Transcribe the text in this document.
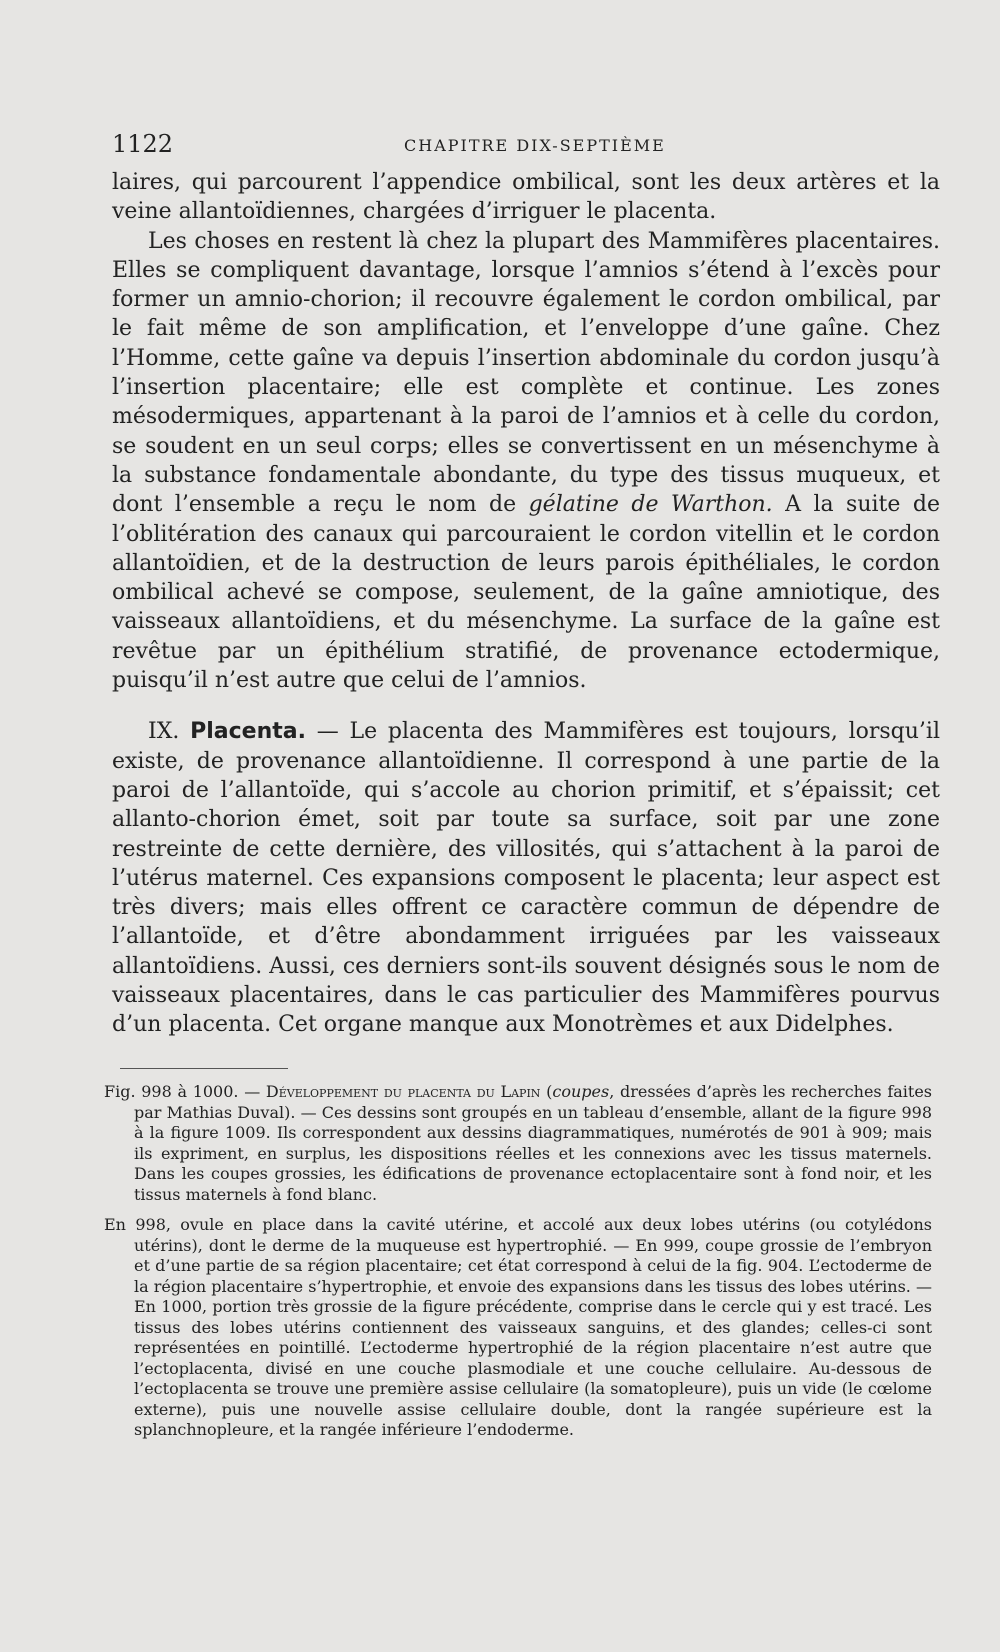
1122	CHAPITRE DIX-SEPTIÈME

laires, qui parcourent l’appendice ombilical, sont les deux artères et la veine allantoïdiennes, chargées d’irriguer le placenta.

Les choses en restent là chez la plupart des Mammifères placentaires. Elles se compliquent davantage, lorsque l’amnios s’étend à l’excès pour former un amnio-chorion; il recouvre également le cordon ombilical, par le fait même de son amplification, et l’enveloppe d’une gaîne. Chez l’Homme, cette gaîne va depuis l’insertion abdominale du cordon jusqu’à l’insertion placentaire; elle est complète et continue. Les zones mésodermiques, appartenant à la paroi de l’amnios et à celle du cordon, se soudent en un seul corps; elles se convertissent en un mésenchyme à la substance fondamentale abondante, du type des tissus muqueux, et dont l’ensemble a reçu le nom de gélatine de Warthon. A la suite de l’oblitération des canaux qui parcouraient le cordon vitellin et le cordon allantoïdien, et de la destruction de leurs parois épithéliales, le cordon ombilical achevé se compose, seulement, de la gaîne amniotique, des vaisseaux allantoïdiens, et du mésenchyme. La surface de la gaîne est revêtue par un épithélium stratifié, de provenance ectodermique, puisqu’il n’est autre que celui de l’amnios.

IX. Placenta. — Le placenta des Mammifères est toujours, lorsqu’il existe, de provenance allantoïdienne. Il correspond à une partie de la paroi de l’allantoïde, qui s’accole au chorion primitif, et s’épaissit; cet allanto-chorion émet, soit par toute sa surface, soit par une zone restreinte de cette dernière, des villosités, qui s’attachent à la paroi de l’utérus maternel. Ces expansions composent le placenta; leur aspect est très divers; mais elles offrent ce caractère commun de dépendre de l’allantoïde, et d’être abondamment irriguées par les vaisseaux allantoïdiens. Aussi, ces derniers sont-ils souvent désignés sous le nom de vaisseaux placentaires, dans le cas particulier des Mammifères pourvus d’un placenta. Cet organe manque aux Monotrèmes et aux Didelphes.

Fig. 998 à 1000. — Développement du placenta du Lapin (coupes, dressées d’après les recherches faites par Mathias Duval). — Ces dessins sont groupés en un tableau d’ensemble, allant de la figure 998 à la figure 1009. Ils correspondent aux dessins diagrammatiques, numérotés de 901 à 909; mais ils expriment, en surplus, les dispositions réelles et les connexions avec les tissus maternels. Dans les coupes grossies, les édifications de provenance ectoplacentaire sont à fond noir, et les tissus maternels à fond blanc.

En 998, ovule en place dans la cavité utérine, et accolé aux deux lobes utérins (ou cotylédons utérins), dont le derme de la muqueuse est hypertrophié. — En 999, coupe grossie de l’embryon et d’une partie de sa région placentaire; cet état correspond à celui de la fig. 904. L’ectoderme de la région placentaire s’hypertrophie, et envoie des expansions dans les tissus des lobes utérins. — En 1000, portion très grossie de la figure précédente, comprise dans le cercle qui y est tracé. Les tissus des lobes utérins contiennent des vaisseaux sanguins, et des glandes; celles-ci sont représentées en pointillé. L’ectoderme hypertrophié de la région placentaire n’est autre que l’ectoplacenta, divisé en une couche plasmodiale et une couche cellulaire. Au-dessous de l’ectoplacenta se trouve une première assise cellulaire (la somatopleure), puis un vide (le cœlome externe), puis une nouvelle assise cellulaire double, dont la rangée supérieure est la splanchnopleure, et la rangée inférieure l’endoderme.
